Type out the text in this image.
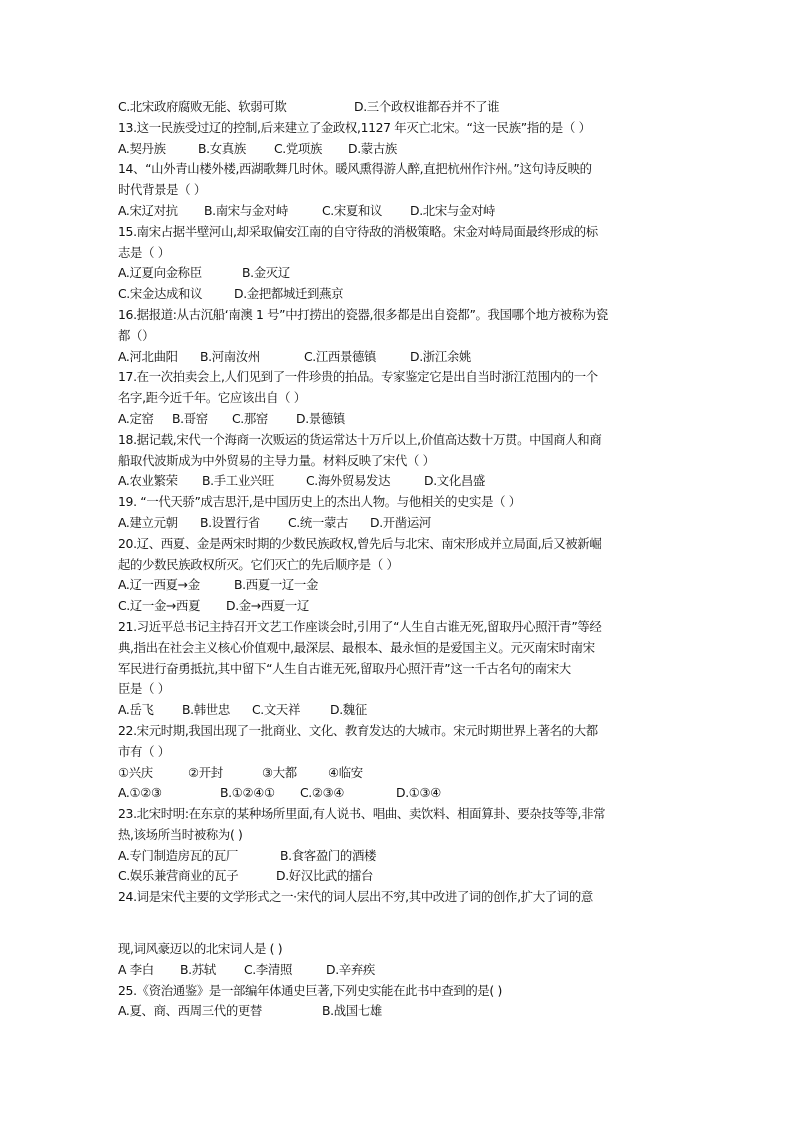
C.北宋政府腐败无能、软弱可欺	D.三个政权谁都吞并不了谁
13.这一民族受过辽的控制,后来建立了金政权,1127 年灭亡北宋。“这一民族”指的是（ ）
A.契丹族	B.女真族 C.党项族 D.蒙古族
14、“山外青山楼外楼,西湖歌舞几时休。暖风熏得游人醉,直把杭州作汴州。”这句诗反映的
时代背景是（ ）
A.宋辽对抗 B.南宋与金对峙	C.宋夏和议 D.北宋与金对峙
15.南宋占据半壁河山,却采取偏安江南的自守待敌的消极策略。宋金对峙局面最终形成的标
志是（ ）
A.辽夏向金称臣	B.金灭辽
C.宋金达成和议	D.金把都城迁到燕京
16.据报道:从古沉船‘南澳 1 号”中打捞出的瓷器,很多都是出自瓷都”。我国哪个地方被称为瓷
都（）
A.河北曲阳 B.河南汝州	C.江西景德镇	D.浙江余姚
17.在一次拍卖会上,人们见到了一件珍贵的拍品。专家鉴定它是出自当时浙江范围内的一个
名字,距今近千年。它应该出自（ ）
A.定窑 B.哥窑 C.那窑 D.景德镇
18.据记载,宋代一个海商一次贩运的货运常达十万斤以上,价值高达数十万贯。中国商人和商
船取代波斯成为中外贸易的主导力量。材料反映了宋代（ ）
A.农业繁荣 B.手工业兴旺	C.海外贸易发达	D.文化昌盛
19. “一代天骄”成吉思汗,是中国历史上的杰出人物。与他相关的史实是（ ）
A.建立元朝 B.设置行省 C.统一蒙古 D.开凿运河
20.辽、西夏、金是两宋时期的少数民族政权,曾先后与北宋、南宋形成并立局面,后又被新崛
起的少数民族政权所灭。它们灭亡的先后顺序是（ ）
A.辽一西夏→金	B.西夏一辽一金
C.辽一金→西夏 D.金→西夏一辽
21.习近平总书记主持召开文艺工作座谈会时,引用了“人生自古谁无死,留取丹心照汗青”等经
典,指出在社会主义核心价值观中,最深层、最根本、最永恒的是爱国主义。元灭南宋时南宋
军民进行奋勇抵抗,其中留下“人生自古谁无死,留取丹心照汗青”这一千古名句的南宋大
臣是（ ）
A.岳飞 B.韩世忠 C.文天祥 D.魏征
22.宋元时期,我国出现了一批商业、文化、教育发达的大城市。宋元时期世界上著名的大都
市有（ ）
①兴庆	②开封	③大都	④临安
A.①②③	B.①②④① C.②③④	D.①③④
23.北宋时明:在东京的某种场所里面,有人说书、唱曲、卖饮料、相面算卦、要杂技等等,非常
热,该场所当时被称为( )
A.专门制造房瓦的瓦厂	B.食客盈门的酒楼
C.娱乐兼营商业的瓦子	D.好汉比武的擂台
24.词是宋代主要的文学形式之一·宋代的词人层出不穷,其中改进了词的创作,扩大了词的意
现,词风豪迈以的北宋词人是 ( )
A 李白 B.苏轼 C.李清照	D.辛弃疾
25.《资治通鉴》是一部编年体通史巨著,下列史实能在此书中查到的是( )
A.夏、商、西周三代的更替	B.战国七雄
